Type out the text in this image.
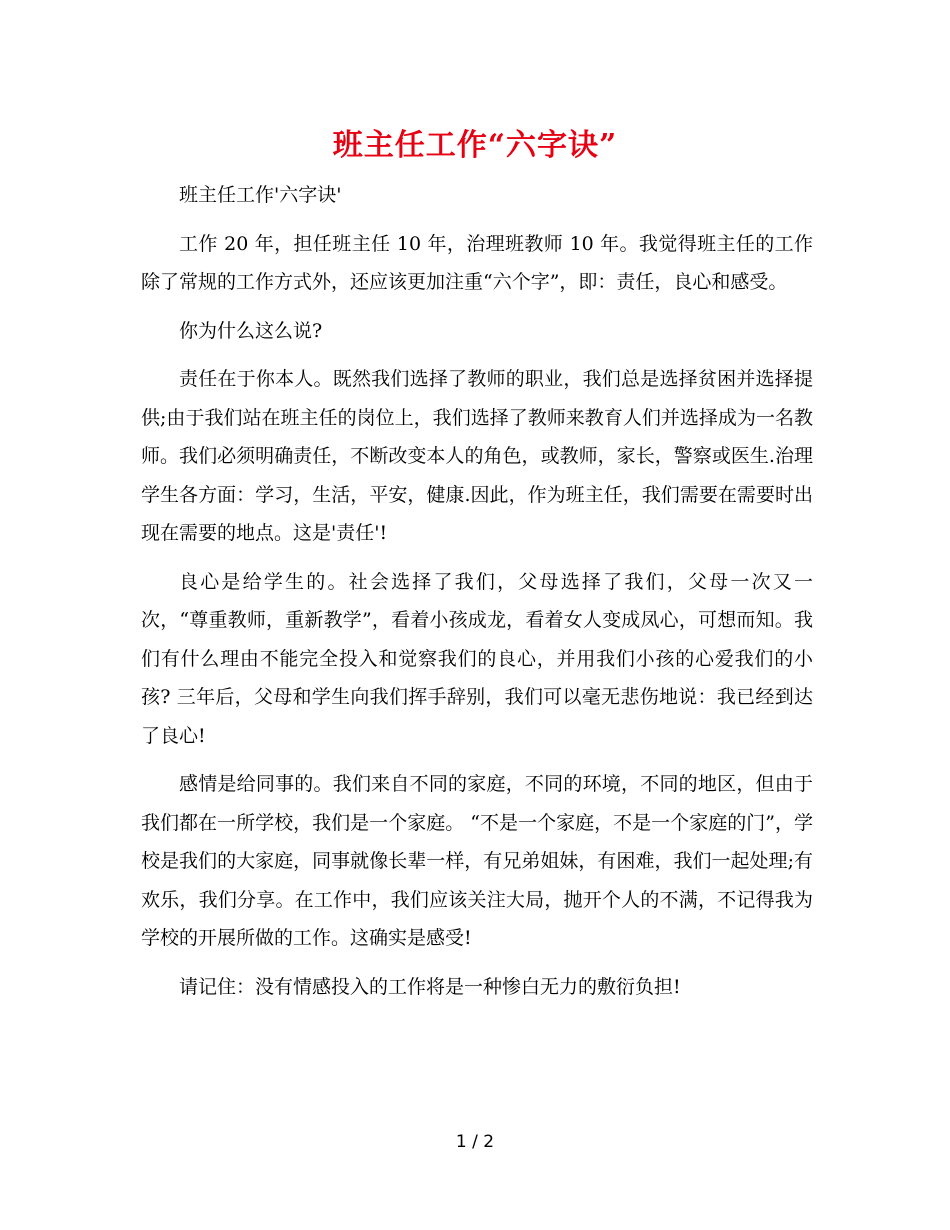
班主任工作“六字诀”

班主任工作'六字诀'

工作 20 年，担任班主任 10 年，治理班教师 10 年。我觉得班主任的工作除了常规的工作方式外，还应该更加注重“六个字”，即：责任，良心和感受。

你为什么这么说?

责任在于你本人。既然我们选择了教师的职业，我们总是选择贫困并选择提供;由于我们站在班主任的岗位上，我们选择了教师来教育人们并选择成为一名教师。我们必须明确责任，不断改变本人的角色，或教师，家长，警察或医生.治理学生各方面：学习，生活，平安，健康.因此，作为班主任，我们需要在需要时出现在需要的地点。这是'责任'!

良心是给学生的。社会选择了我们，父母选择了我们，父母一次又一次，“尊重教师，重新教学”，看着小孩成龙，看着女人变成凤心，可想而知。我们有什么理由不能完全投入和觉察我们的良心，并用我们小孩的心爱我们的小孩? 三年后，父母和学生向我们挥手辞别，我们可以毫无悲伤地说：我已经到达了良心!

感情是给同事的。我们来自不同的家庭，不同的环境，不同的地区，但由于我们都在一所学校，我们是一个家庭。 “不是一个家庭，不是一个家庭的门”，学校是我们的大家庭，同事就像长辈一样，有兄弟姐妹，有困难，我们一起处理;有欢乐，我们分享。在工作中，我们应该关注大局，抛开个人的不满，不记得我为学校的开展所做的工作。这确实是感受!

请记住：没有情感投入的工作将是一种惨白无力的敷衍负担!

1 / 2
